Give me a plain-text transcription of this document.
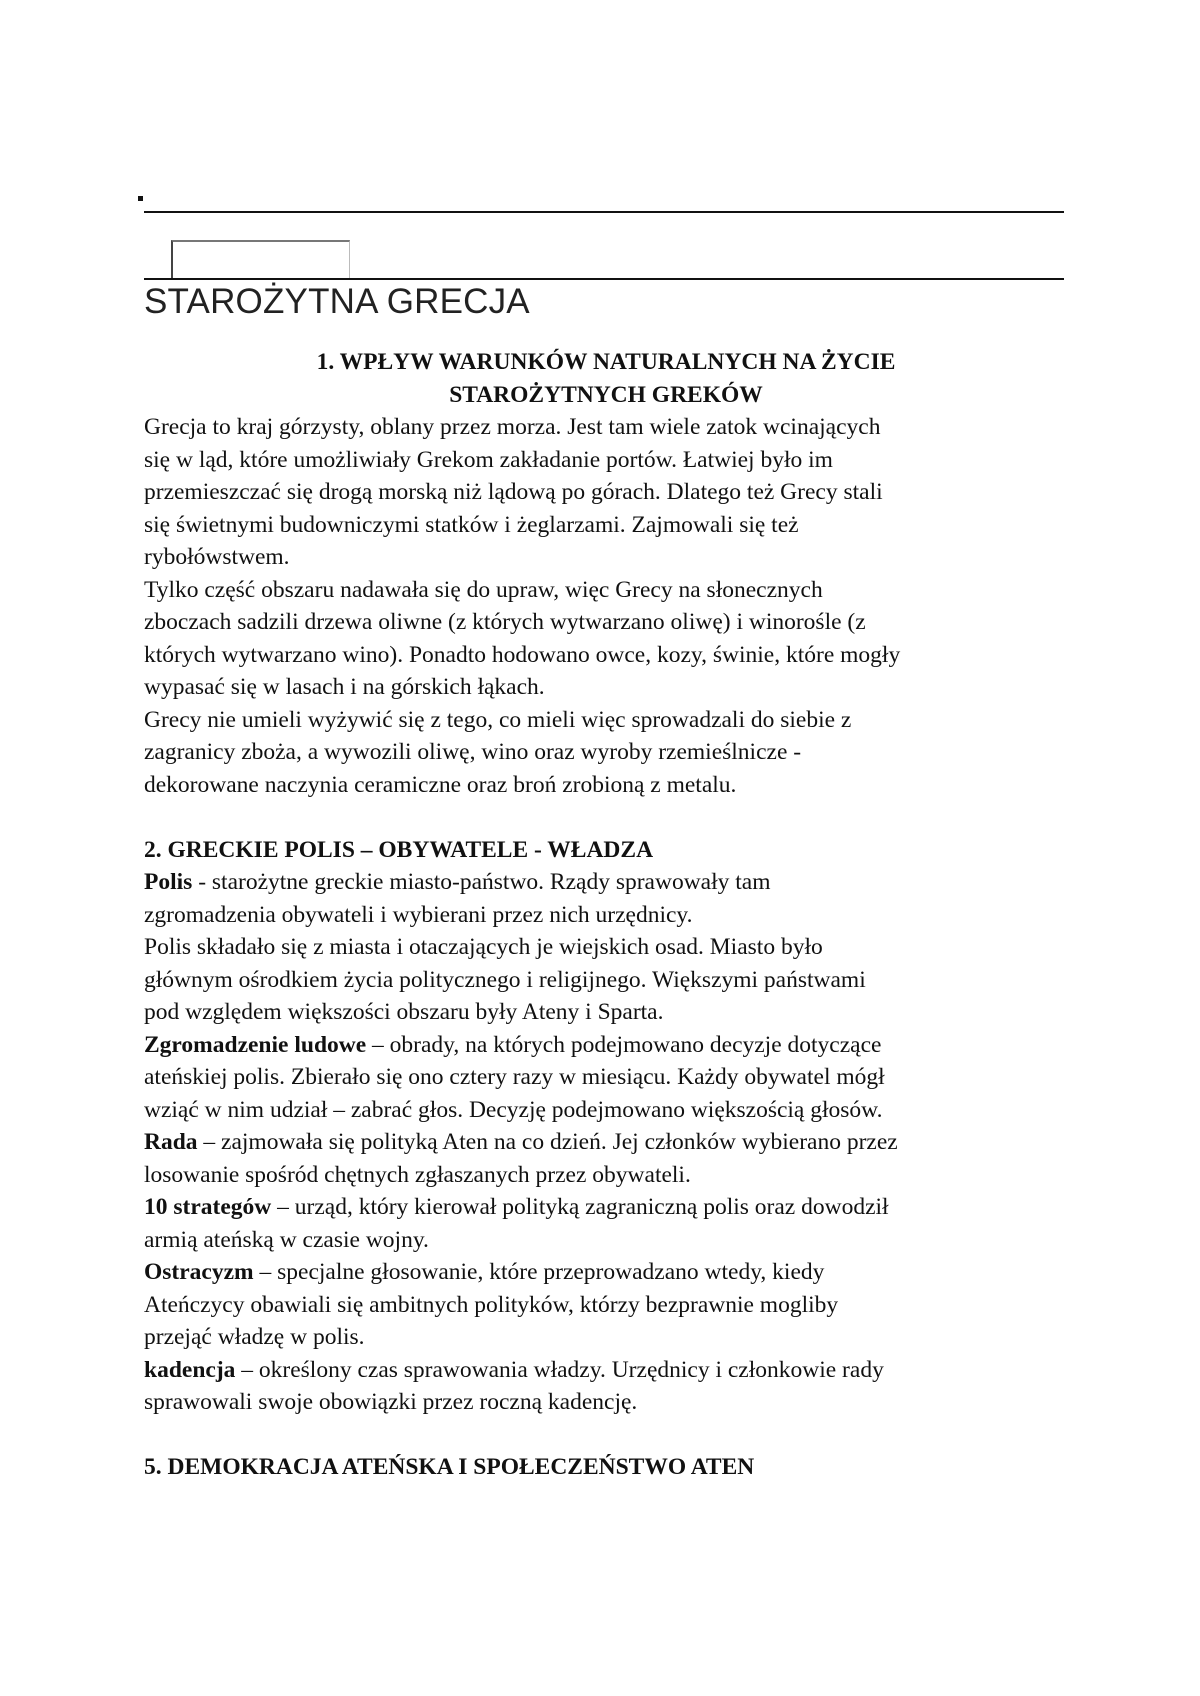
STAROŻYTNA GRECJA
1. WPŁYW WARUNKÓW NATURALNYCH NA ŻYCIE
STAROŻYTNYCH GREKÓW

Grecja to kraj górzysty, oblany przez morza. Jest tam wiele zatok wcinających
się w ląd, które umożliwiały Grekom zakładanie portów. Łatwiej było im
przemieszczać się drogą morską niż lądową po górach. Dlatego też Grecy stali
się świetnymi budowniczymi statków i żeglarzami. Zajmowali się też
rybołówstwem.

Tylko część obszaru nadawała się do upraw, więc Grecy na słonecznych
zboczach sadzili drzewa oliwne (z których wytwarzano oliwę) i winorośle (z
których wytwarzano wino). Ponadto hodowano owce, kozy, świnie, które mogły
wypasać się w lasach i na górskich łąkach.

Grecy nie umieli wyżywić się z tego, co mieli więc sprowadzali do siebie z
zagranicy zboża, a wywozili oliwę, wino oraz wyroby rzemieślnicze -
dekorowane naczynia ceramiczne oraz broń zrobioną z metalu.

2. GRECKIE POLIS – OBYWATELE - WŁADZA

Polis - starożytne greckie miasto-państwo. Rządy sprawowały tam
zgromadzenia obywateli i wybierani przez nich urzędnicy.

Polis składało się z miasta i otaczających je wiejskich osad. Miasto było
głównym ośrodkiem życia politycznego i religijnego. Większymi państwami
pod względem większości obszaru były Ateny i Sparta.

Zgromadzenie ludowe – obrady, na których podejmowano decyzje dotyczące
ateńskiej polis. Zbierało się ono cztery razy w miesiącu. Każdy obywatel mógł
wziąć w nim udział – zabrać głos. Decyzję podejmowano większością głosów.

Rada – zajmowała się polityką Aten na co dzień. Jej członków wybierano przez
losowanie spośród chętnych zgłaszanych przez obywateli.

10 strategów – urząd, który kierował polityką zagraniczną polis oraz dowodził
armią ateńską w czasie wojny.

Ostracyzm – specjalne głosowanie, które przeprowadzano wtedy, kiedy
Ateńczycy obawiali się ambitnych polityków, którzy bezprawnie mogliby
przejąć władzę w polis.

kadencja – określony czas sprawowania władzy. Urzędnicy i członkowie rady
sprawowali swoje obowiązki przez roczną kadencję.

5. DEMOKRACJA ATEŃSKA I SPOŁECZEŃSTWO ATEN
